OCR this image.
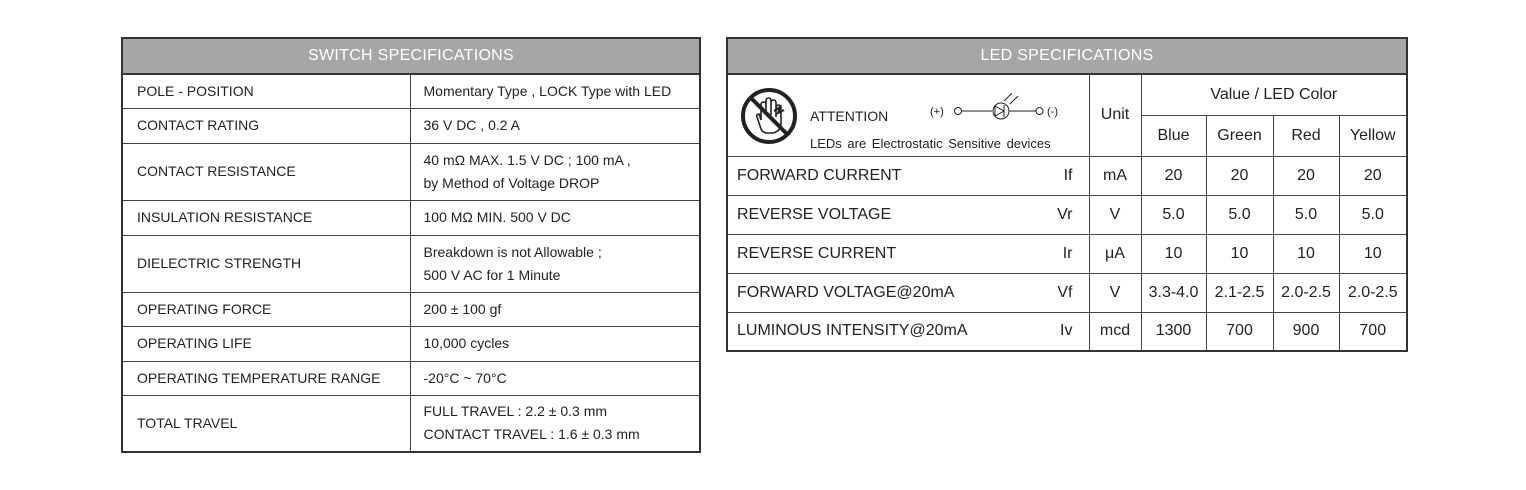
SWITCH SPECIFICATIONS	
POLE - POSITION	Momentary Type , LOCK Type with LED

CONTACT RATING	36 V DC , 0.2 A

CONTACT RESISTANCE	40 mΩ MAX. 1.5 V DC ; 100 mA ,
by Method of Voltage DROP

INSULATION RESISTANCE	100 MΩ MIN. 500 V DC

DIELECTRIC STRENGTH	Breakdown is not Allowable ;
500 V AC for 1 Minute

OPERATING FORCE	200 ± 100 gf

OPERATING LIFE	10,000 cycles

OPERATING TEMPERATURE RANGE	-20°C ~ 70°C

TOTAL TRAVEL	FULL TRAVEL : 2.2 ± 0.3 mm
CONTACT TRAVEL : 1.6 ± 0.3 mm
LED SPECIFICATIONS						

ATTENTION (+) (-)
LEDs are Electrostatic Sensitive devices		Unit	Value / LED Color			
			Blue	Green	Red	Yellow
FORWARD CURRENT	If	mA	20	20	20	20
REVERSE VOLTAGE	Vr	V	5.0	5.0	5.0	5.0
REVERSE CURRENT	Ir	μA	10	10	10	10
FORWARD VOLTAGE@20mA	Vf	V	3.3-4.0	2.1-2.5	2.0-2.5	2.0-2.5
LUMINOUS INTENSITY@20mA	Iv	mcd	1300	700	900	700
